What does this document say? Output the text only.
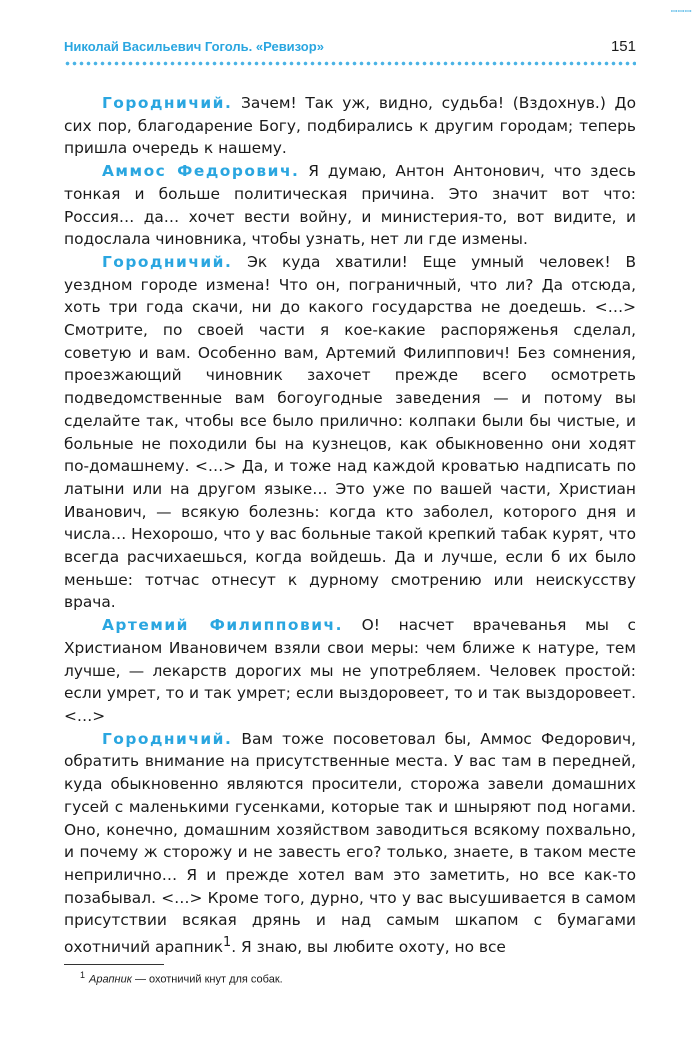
ꟷꟷꟷ
Николай Васильевич Гоголь. «Ревизор»	151

Городничий. Зачем! Так уж, видно, судьба! (Вздохнув.) До сих пор, благодарение Богу, подбирались к другим городам; теперь пришла очередь к нашему.

Аммос Федорович. Я думаю, Антон Антонович, что здесь тонкая и больше политическая причина. Это значит вот что: Россия… да… хочет вести войну, и министерия-то, вот видите, и подослала чиновника, чтобы узнать, нет ли где измены.

Городничий. Эк куда хватили! Еще умный человек! В уездном городе измена! Что он, пограничный, что ли? Да отсюда, хоть три года скачи, ни до какого государства не доедешь. <…> Смотрите, по своей части я кое-какие распоряженья сделал, советую и вам. Особенно вам, Артемий Филиппович! Без сомнения, проезжающий чиновник захочет прежде всего осмотреть подведомственные вам богоугодные заведения — и потому вы сделайте так, чтобы все было прилично: колпаки были бы чистые, и больные не походили бы на кузнецов, как обыкновенно они ходят по-домашнему. <…> Да, и тоже над каждой кроватью надписать по латыни или на другом языке… Это уже по вашей части, Христиан Иванович, — всякую болезнь: когда кто заболел, которого дня и числа… Нехорошо, что у вас больные такой крепкий табак курят, что всегда расчихаешься, когда войдешь. Да и лучше, если б их было меньше: тотчас отнесут к дурному смотрению или неискусству врача.

Артемий Филиппович. О! насчет врачеванья мы с Христианом Ивановичем взяли свои меры: чем ближе к натуре, тем лучше, — лекарств дорогих мы не употребляем. Человек простой: если умрет, то и так умрет; если выздоровеет, то и так выздоровеет. <…>

Городничий. Вам тоже посоветовал бы, Аммос Федорович, обратить внимание на присутственные места. У вас там в передней, куда обыкновенно являются просители, сторожа завели домашних гусей с маленькими гусенками, которые так и шныряют под ногами. Оно, конечно, домашним хозяйством заводиться всякому похвально, и почему ж сторожу и не завесть его? только, знаете, в таком месте неприлично… Я и прежде хотел вам это заметить, но все как-то позабывал. <…> Кроме того, дурно, что у вас высушивается в самом присутствии всякая дрянь и над самым шкапом с бумагами охотничий арапник$^1$. Я знаю, вы любите охоту, но все

$^1$ Арапник — охотничий кнут для собак.
